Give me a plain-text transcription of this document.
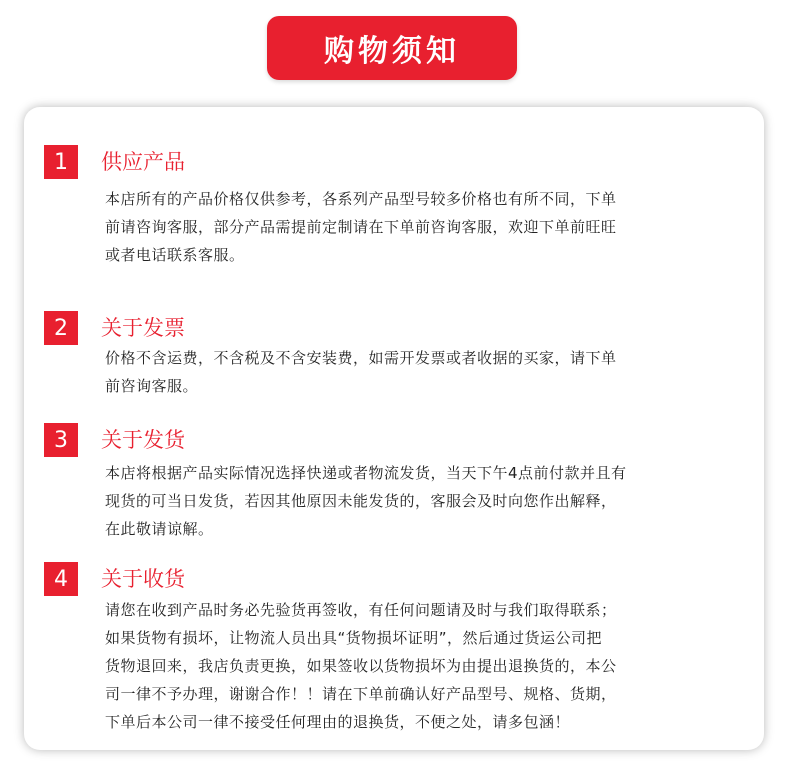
购物须知
1	供应产品
本店所有的产品价格仅供参考，各系列产品型号较多价格也有所不同，下单
前请咨询客服，部分产品需提前定制请在下单前咨询客服，欢迎下单前旺旺
或者电话联系客服。
2	关于发票
价格不含运费，不含税及不含安装费，如需开发票或者收据的买家，请下单
前咨询客服。
3	关于发货
本店将根据产品实际情况选择快递或者物流发货，当天下午4点前付款并且有
现货的可当日发货，若因其他原因未能发货的，客服会及时向您作出解释，
在此敬请谅解。
4	关于收货
请您在收到产品时务必先验货再签收，有任何问题请及时与我们取得联系；
如果货物有损坏，让物流人员出具“货物损坏证明”，然后通过货运公司把
货物退回来，我店负责更换，如果签收以货物损坏为由提出退换货的，本公
司一律不予办理，谢谢合作！！请在下单前确认好产品型号、规格、货期，
下单后本公司一律不接受任何理由的退换货，不便之处，请多包涵！
